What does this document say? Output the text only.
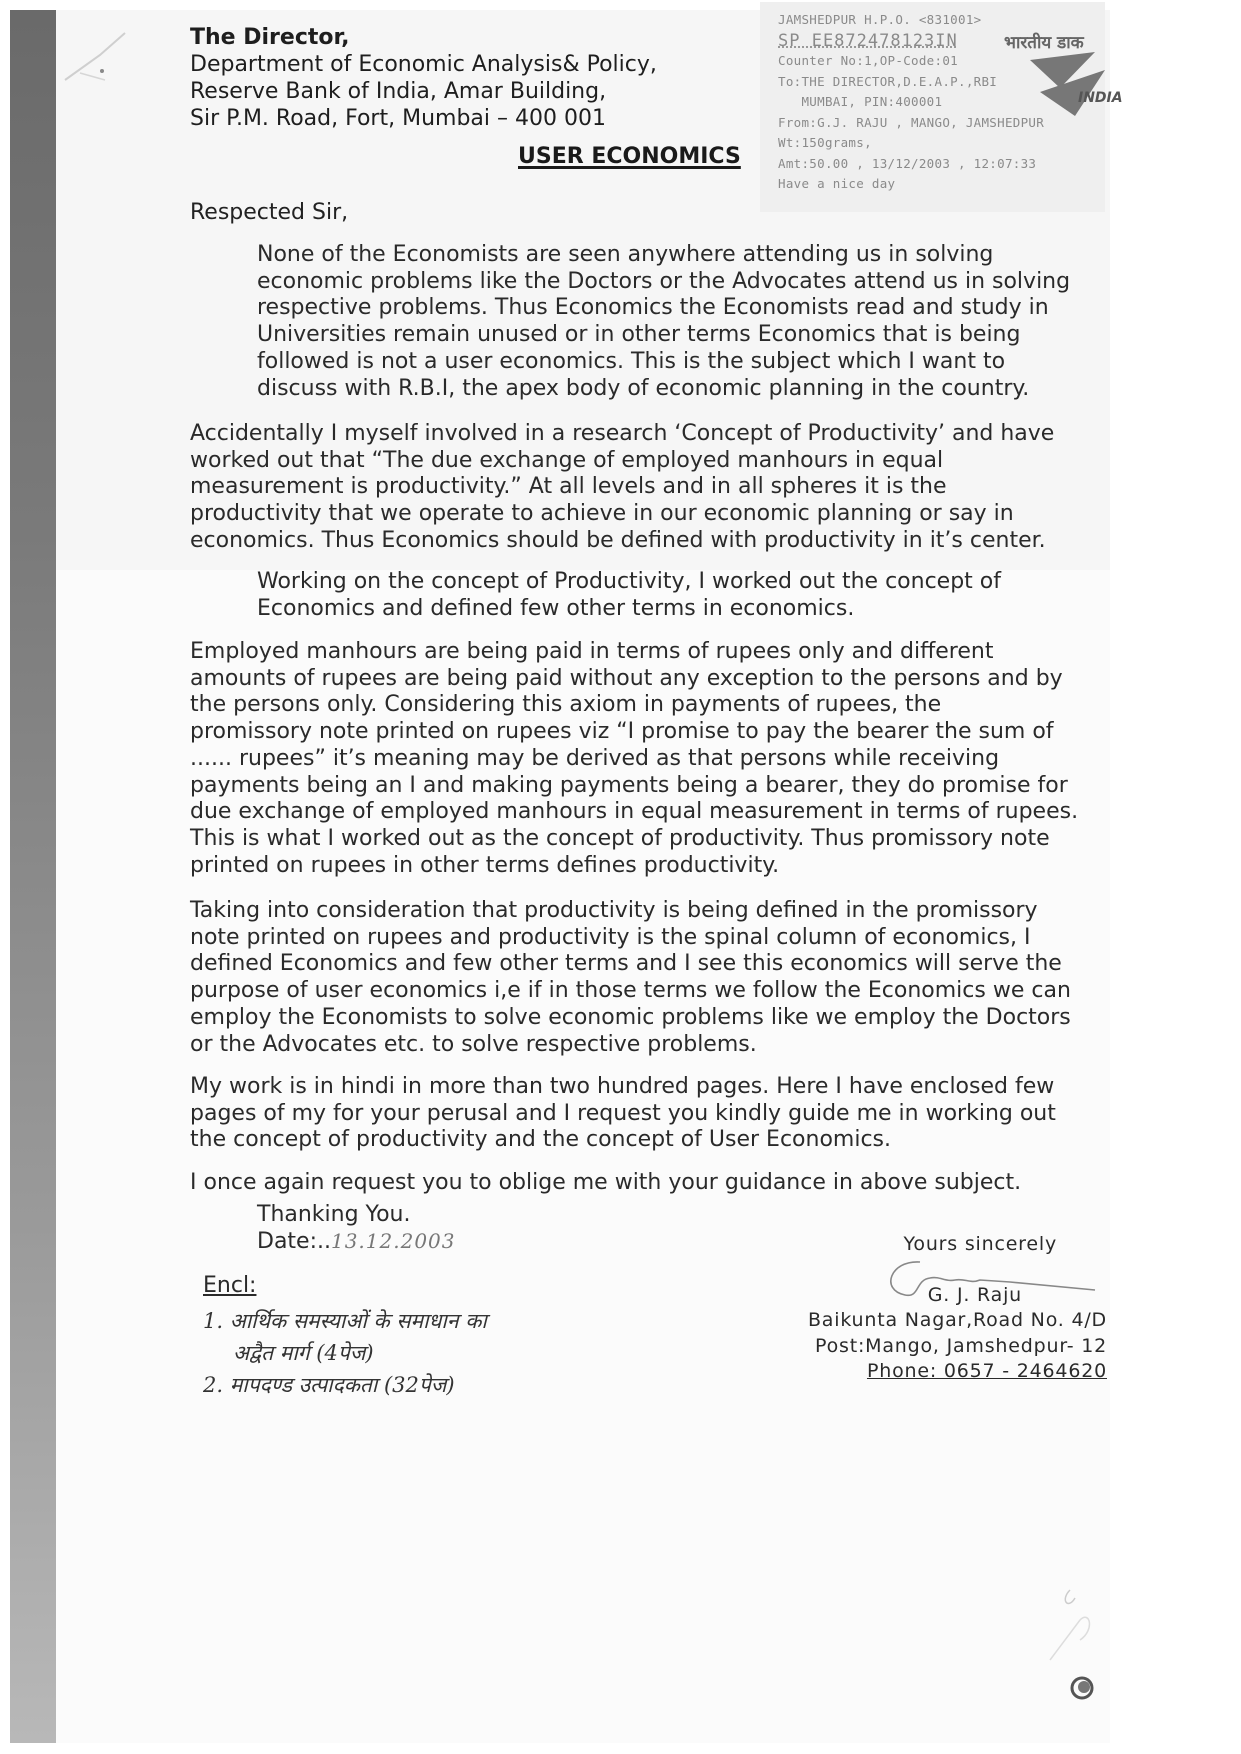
The Director,
Department of Economic Analysis& Policy,
Reserve Bank of India, Amar Building,
Sir P.M. Road, Fort, Mumbai – 400 001
JAMSHEDPUR H.P.O. <831001>
SP EE872478123IN
Counter No:1,OP-Code:01
To:THE DIRECTOR,D.E.A.P.,RBI
MUMBAI, PIN:400001
From:G.J. RAJU , MANGO, JAMSHEDPUR
Wt:150grams,
Amt:50.00 , 13/12/2003 , 12:07:33
Have a nice day
भारतीय डाक
INDIA
USER ECONOMICS
Respected Sir,
None of the Economists are seen anywhere attending us in solving
economic problems like the Doctors or the Advocates attend us in solving
respective problems. Thus Economics the Economists read and study in
Universities remain unused or in other terms Economics that is being
followed is not a user economics. This is the subject which I want to
discuss with R.B.I, the apex body of economic planning in the country.
Accidentally I myself involved in a research ‘Concept of Productivity’ and have
worked out that “The due exchange of employed manhours in equal
measurement is productivity.” At all levels and in all spheres it is the
productivity that we operate to achieve in our economic planning or say in
economics. Thus Economics should be defined with productivity in it’s center.
Working on the concept of Productivity, I worked out the concept of
Economics and defined few other terms in economics.
Employed manhours are being paid in terms of rupees only and different
amounts of rupees are being paid without any exception to the persons and by
the persons only. Considering this axiom in payments of rupees, the
promissory note printed on rupees viz “I promise to pay the bearer the sum of
...... rupees” it’s meaning may be derived as that persons while receiving
payments being an I and making payments being a bearer, they do promise for
due exchange of employed manhours in equal measurement in terms of rupees.
This is what I worked out as the concept of productivity. Thus promissory note
printed on rupees in other terms defines productivity.
Taking into consideration that productivity is being defined in the promissory
note printed on rupees and productivity is the spinal column of economics, I
defined Economics and few other terms and I see this economics will serve the
purpose of user economics i,e if in those terms we follow the Economics we can
employ the Economists to solve economic problems like we employ the Doctors
or the Advocates etc. to solve respective problems.
My work is in hindi in more than two hundred pages. Here I have enclosed few
pages of my for your perusal and I request you kindly guide me in working out
the concept of productivity and the concept of User Economics.
I once again request you to oblige me with your guidance in above subject.
Thanking You.
Date:..13.12.2003
Encl:
1. आर्थिक समस्याओं के समाधान का
अद्वैत मार्ग (4पेज)
2. मापदण्ड उत्पादकता (32पेज)
Yours sincerely
G. J. Raju
Baikunta Nagar,Road No. 4/D
Post:Mango, Jamshedpur- 12
Phone: 0657 - 2464620
